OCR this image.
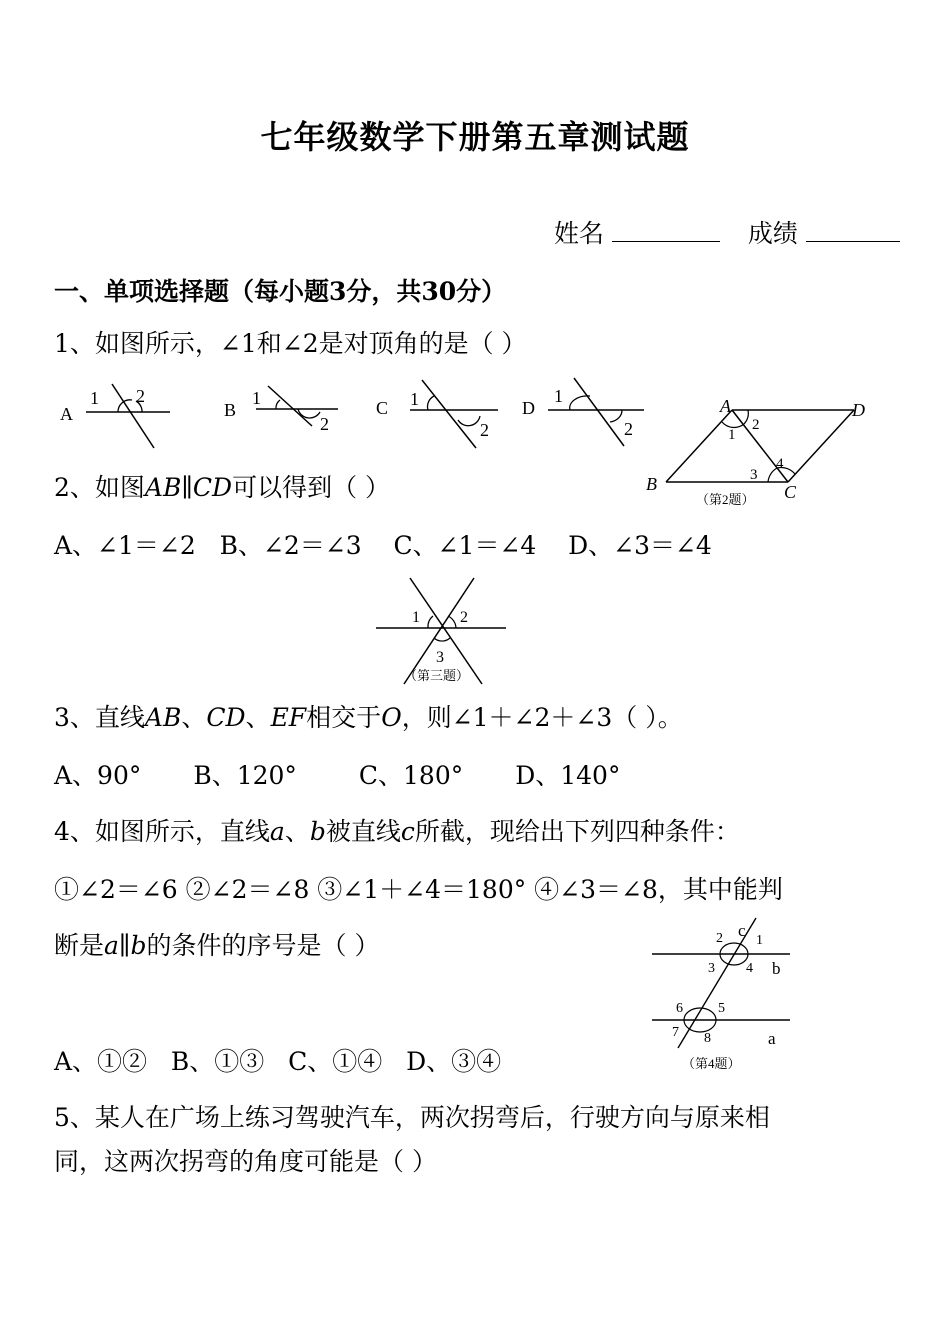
七年级数学下册第五章测试题
姓名	成绩
一、单项选择题（每小题3分，共30分）
1、如图所示，∠1和∠2是对顶角的是（ ）
A
1 2
B
1
2
C 1
2
D
1
2
A	D
B	C
1
2
3
4
（第2题）
2、如图AB∥CD可以得到（ ）
A、∠1＝∠2   B、∠2＝∠3    C、∠1＝∠4    D、∠3＝∠4
1	2
3
（第三题）
3、直线AB、CD、EF相交于O，则∠1＋∠2＋∠3（ ）。
A、90° B、120° C、180° D、140°
4、如图所示，直线a、b被直线c所截，现给出下列四种条件：
①∠2＝∠6 ②∠2＝∠8 ③∠1＋∠4＝180° ④∠3＝∠8，其中能判
断是a∥b的条件的序号是（ ）
c
b
a
1
2
3 4
5
6
7 8
（第4题）
A、①②   B、①③   C、①④   D、③④
5、某人在广场上练习驾驶汽车，两次拐弯后，行驶方向与原来相
同，这两次拐弯的角度可能是（ ）
